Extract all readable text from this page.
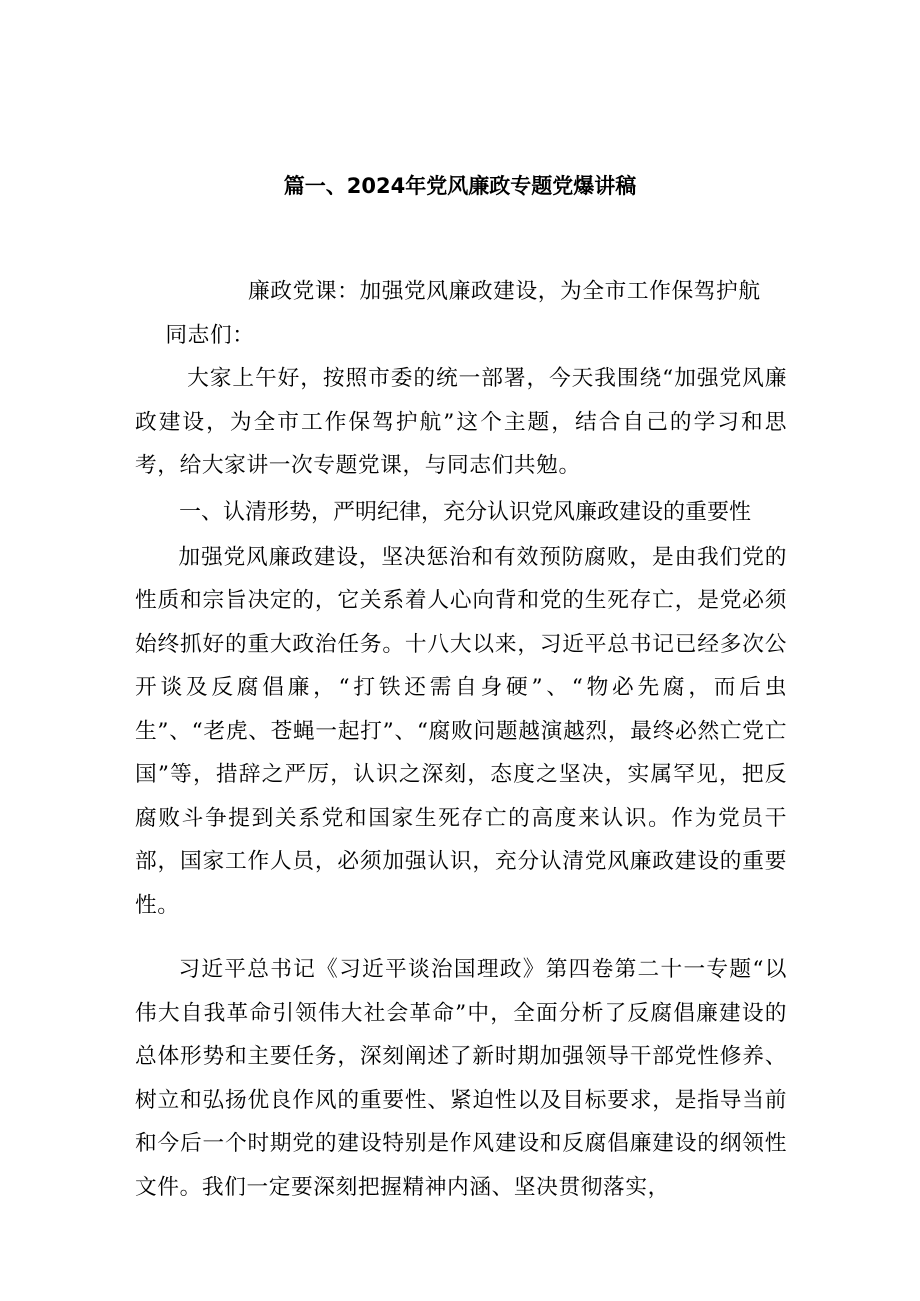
篇一、2024年党风廉政专题党爆讲稿

廉政党课：加强党风廉政建设，为全市工作保驾护航

同志们：

大家上午好，按照市委的统一部署，今天我围绕“加强党风廉政建设，为全市工作保驾护航”这个主题，结合自己的学习和思考，给大家讲一次专题党课，与同志们共勉。

一、认清形势，严明纪律，充分认识党风廉政建设的重要性

加强党风廉政建设，坚决惩治和有效预防腐败，是由我们党的性质和宗旨决定的，它关系着人心向背和党的生死存亡，是党必须始终抓好的重大政治任务。十八大以来，习近平总书记已经多次公开谈及反腐倡廉，“打铁还需自身硬”、“物必先腐，而后虫生”、“老虎、苍蝇一起打”、“腐败问题越演越烈，最终必然亡党亡国”等，措辞之严厉，认识之深刻，态度之坚决，实属罕见，把反腐败斗争提到关系党和国家生死存亡的高度来认识。作为党员干部，国家工作人员，必须加强认识，充分认清党风廉政建设的重要性。

习近平总书记《习近平谈治国理政》第四卷第二十一专题“以伟大自我革命引领伟大社会革命”中，全面分析了反腐倡廉建设的总体形势和主要任务，深刻阐述了新时期加强领导干部党性修养、树立和弘扬优良作风的重要性、紧迫性以及目标要求，是指导当前和今后一个时期党的建设特别是作风建设和反腐倡廉建设的纲领性文件。我们一定要深刻把握精神内涵、坚决贯彻落实，
